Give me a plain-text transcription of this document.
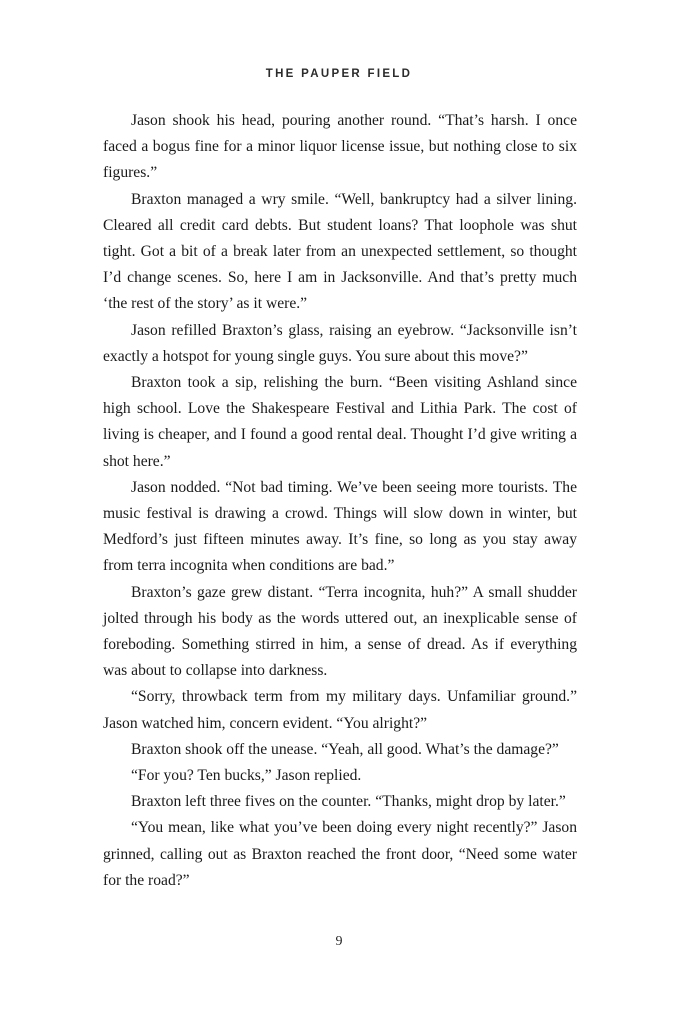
THE PAUPER FIELD

Jason shook his head, pouring another round. “That’s harsh. I once faced a bogus fine for a minor liquor license issue, but nothing close to six figures.”

Braxton managed a wry smile. “Well, bankruptcy had a silver lining. Cleared all credit card debts. But student loans? That loophole was shut tight. Got a bit of a break later from an unexpected settlement, so thought I’d change scenes. So, here I am in Jacksonville. And that’s pretty much ‘the rest of the story’ as it were.”

Jason refilled Braxton’s glass, raising an eyebrow. “Jacksonville isn’t exactly a hotspot for young single guys. You sure about this move?”

Braxton took a sip, relishing the burn. “Been visiting Ashland since high school. Love the Shakespeare Festival and Lithia Park. The cost of living is cheaper, and I found a good rental deal. Thought I’d give writing a shot here.”

Jason nodded. “Not bad timing. We’ve been seeing more tourists. The music festival is drawing a crowd. Things will slow down in winter, but Medford’s just fifteen minutes away. It’s fine, so long as you stay away from terra incognita when conditions are bad.”

Braxton’s gaze grew distant. “Terra incognita, huh?” A small shudder jolted through his body as the words uttered out, an inexplicable sense of foreboding. Something stirred in him, a sense of dread. As if everything was about to collapse into darkness.

“Sorry, throwback term from my military days. Unfamiliar ground.” Jason watched him, concern evident. “You alright?”

Braxton shook off the unease. “Yeah, all good. What’s the damage?”

“For you? Ten bucks,” Jason replied.

Braxton left three fives on the counter. “Thanks, might drop by later.”

“You mean, like what you’ve been doing every night recently?” Jason grinned, calling out as Braxton reached the front door, “Need some water for the road?”

9
